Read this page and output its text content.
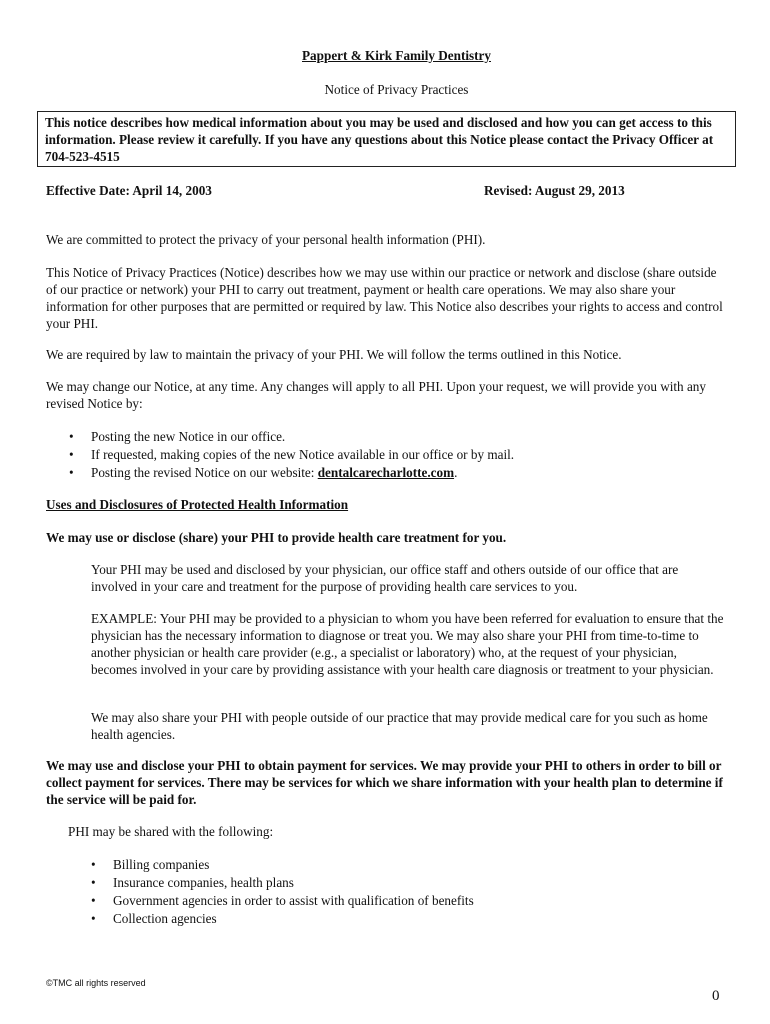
Pappert & Kirk Family Dentistry
Notice of Privacy Practices
This notice describes how medical information about you may be used and disclosed and how you can get access to this information. Please review it carefully. If you have any questions about this Notice please contact the Privacy Officer at 704-523-4515
Effective Date: April 14, 2003	Revised: August 29, 2013
We are committed to protect the privacy of your personal health information (PHI).
This Notice of Privacy Practices (Notice) describes how we may use within our practice or network and disclose (share outside of our practice or network) your PHI to carry out treatment, payment or health care operations. We may also share your information for other purposes that are permitted or required by law. This Notice also describes your rights to access and control your PHI.
We are required by law to maintain the privacy of your PHI. We will follow the terms outlined in this Notice.
We may change our Notice, at any time. Any changes will apply to all PHI. Upon your request, we will provide you with any revised Notice by:
• Posting the new Notice in our office.
• If requested, making copies of the new Notice available in our office or by mail.
• Posting the revised Notice on our website: dentalcarecharlotte.com.
Uses and Disclosures of Protected Health Information
We may use or disclose (share) your PHI to provide health care treatment for you.
Your PHI may be used and disclosed by your physician, our office staff and others outside of our office that are involved in your care and treatment for the purpose of providing health care services to you.
EXAMPLE: Your PHI may be provided to a physician to whom you have been referred for evaluation to ensure that the physician has the necessary information to diagnose or treat you. We may also share your PHI from time-to-time to another physician or health care provider (e.g., a specialist or laboratory) who, at the request of your physician, becomes involved in your care by providing assistance with your health care diagnosis or treatment to your physician.
We may also share your PHI with people outside of our practice that may provide medical care for you such as home health agencies.
We may use and disclose your PHI to obtain payment for services. We may provide your PHI to others in order to bill or collect payment for services. There may be services for which we share information with your health plan to determine if the service will be paid for.
PHI may be shared with the following:
• Billing companies
• Insurance companies, health plans
• Government agencies in order to assist with qualification of benefits
• Collection agencies
©TMC all rights reserved
0
